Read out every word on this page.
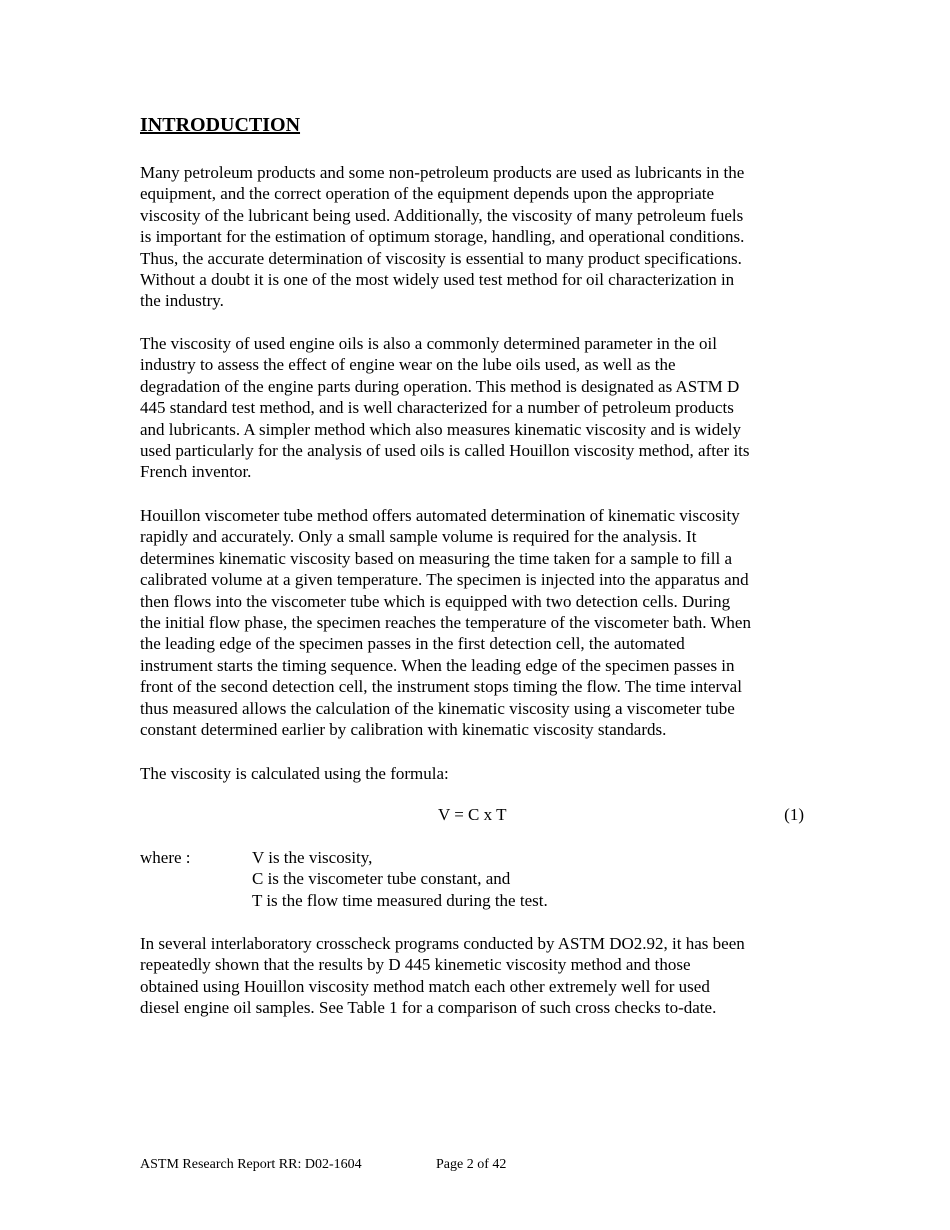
INTRODUCTION

Many petroleum products and some non-petroleum products are used as lubricants in the
equipment, and the correct operation of the equipment depends upon the appropriate
viscosity of the lubricant being used. Additionally, the viscosity of many petroleum fuels
is important for the estimation of optimum storage, handling, and operational conditions.
Thus, the accurate determination of viscosity is essential to many product specifications.
Without a doubt it is one of the most widely used test method for oil characterization in
the industry.

The viscosity of used engine oils is also a commonly determined parameter in the oil
industry to assess the effect of engine wear on the lube oils used, as well as the
degradation of the engine parts during operation. This method is designated as ASTM D
445 standard test method, and is well characterized for a number of petroleum products
and lubricants. A simpler method which also measures kinematic viscosity and is widely
used particularly for the analysis of used oils is called Houillon viscosity method, after its
French inventor.

Houillon viscometer tube method offers automated determination of kinematic viscosity
rapidly and accurately. Only a small sample volume is required for the analysis. It
determines kinematic viscosity based on measuring the time taken for a sample to fill a
calibrated volume at a given temperature. The specimen is injected into the apparatus and
then flows into the viscometer tube which is equipped with two detection cells. During
the initial flow phase, the specimen reaches the temperature of the viscometer bath. When
the leading edge of the specimen passes in the first detection cell, the automated
instrument starts the timing sequence. When the leading edge of the specimen passes in
front of the second detection cell, the instrument stops timing the flow. The time interval
thus measured allows the calculation of the kinematic viscosity using a viscometer tube
constant determined earlier by calibration with kinematic viscosity standards.

The viscosity is calculated using the formula:

V = C x T	(1)
where :	V is the viscosity,
C is the viscometer tube constant, and
T is the flow time measured during the test.

In several interlaboratory crosscheck programs conducted by ASTM DO2.92, it has been
repeatedly shown that the results by D 445 kinemetic viscosity method and those
obtained using Houillon viscosity method match each other extremely well for used
diesel engine oil samples. See Table 1 for a comparison of such cross checks to-date.

ASTM Research Report RR: D02-1604	Page 2 of 42
